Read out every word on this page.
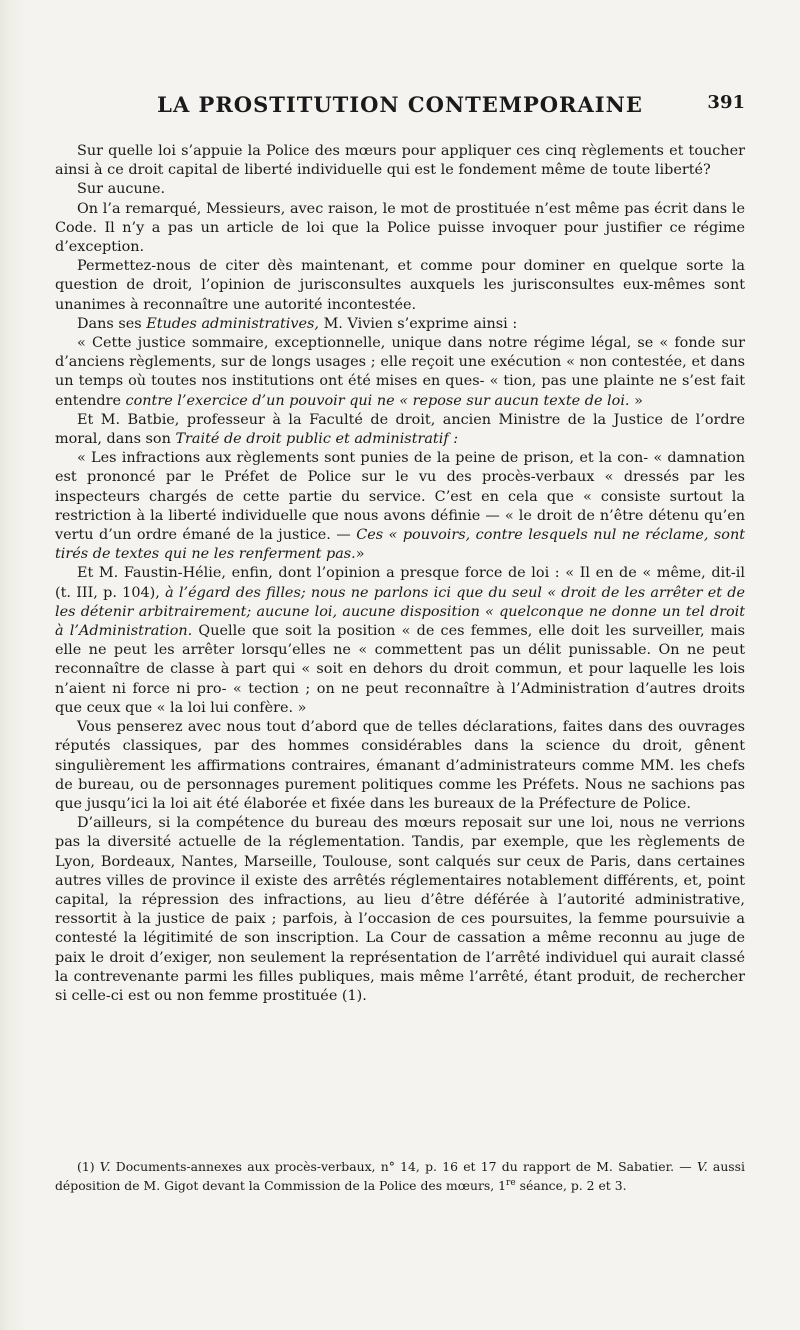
LA PROSTITUTION CONTEMPORAINE	391

Sur quelle loi s’appuie la Police des mœurs pour appliquer ces cinq règlements et toucher ainsi à ce droit capital de liberté individuelle qui est le fondement même de toute liberté?

Sur aucune.

On l’a remarqué, Messieurs, avec raison, le mot de prostituée n’est même pas écrit dans le Code. Il n’y a pas un article de loi que la Police puisse invoquer pour justifier ce régime d’exception.

Permettez-nous de citer dès maintenant, et comme pour dominer en quelque sorte la question de droit, l’opinion de jurisconsultes auxquels les jurisconsultes eux-mêmes sont unanimes à reconnaître une autorité incontestée.

Dans ses Etudes administratives, M. Vivien s’exprime ainsi :

« Cette justice sommaire, exceptionnelle, unique dans notre régime légal, se « fonde sur d’anciens règlements, sur de longs usages ; elle reçoit une exécution « non contestée, et dans un temps où toutes nos institutions ont été mises en ques- « tion, pas une plainte ne s’est fait entendre contre l’exercice d’un pouvoir qui ne « repose sur aucun texte de loi. »

Et M. Batbie, professeur à la Faculté de droit, ancien Ministre de la Justice de l’ordre moral, dans son Traité de droit public et administratif :

« Les infractions aux règlements sont punies de la peine de prison, et la con- « damnation est prononcé par le Préfet de Police sur le vu des procès-verbaux « dressés par les inspecteurs chargés de cette partie du service. C’est en cela que « consiste surtout la restriction à la liberté individuelle que nous avons définie — « le droit de n’être détenu qu’en vertu d’un ordre émané de la justice. — Ces « pouvoirs, contre lesquels nul ne réclame, sont tirés de textes qui ne les renferment pas.»

Et M. Faustin-Hélie, enfin, dont l’opinion a presque force de loi : « Il en de « même, dit-il (t. III, p. 104), à l’égard des filles; nous ne parlons ici que du seul « droit de les arrêter et de les détenir arbitrairement; aucune loi, aucune disposition « quelconque ne donne un tel droit à l’Administration. Quelle que soit la position « de ces femmes, elle doit les surveiller, mais elle ne peut les arrêter lorsqu’elles ne « commettent pas un délit punissable. On ne peut reconnaître de classe à part qui « soit en dehors du droit commun, et pour laquelle les lois n’aient ni force ni pro- « tection ; on ne peut reconnaître à l’Administration d’autres droits que ceux que « la loi lui confère. »

Vous penserez avec nous tout d’abord que de telles déclarations, faites dans des ouvrages réputés classiques, par des hommes considérables dans la science du droit, gênent singulièrement les affirmations contraires, émanant d’administrateurs comme MM. les chefs de bureau, ou de personnages purement politiques comme les Préfets. Nous ne sachions pas que jusqu’ici la loi ait été élaborée et fixée dans les bureaux de la Préfecture de Police.

D’ailleurs, si la compétence du bureau des mœurs reposait sur une loi, nous ne verrions pas la diversité actuelle de la réglementation. Tandis, par exemple, que les règlements de Lyon, Bordeaux, Nantes, Marseille, Toulouse, sont calqués sur ceux de Paris, dans certaines autres villes de province il existe des arrêtés réglementaires notablement différents, et, point capital, la répression des infractions, au lieu d’être déférée à l’autorité administrative, ressortit à la justice de paix ; parfois, à l’occasion de ces poursuites, la femme poursuivie a contesté la légitimité de son inscription. La Cour de cassation a même reconnu au juge de paix le droit d’exiger, non seulement la représentation de l’arrêté individuel qui aurait classé la contrevenante parmi les filles publiques, mais même l’arrêté, étant produit, de rechercher si celle-ci est ou non femme prostituée (1).

(1) V. Documents-annexes aux procès-verbaux, n° 14, p. 16 et 17 du rapport de M. Sabatier. — V. aussi déposition de M. Gigot devant la Commission de la Police des mœurs, 1re séance, p. 2 et 3.
